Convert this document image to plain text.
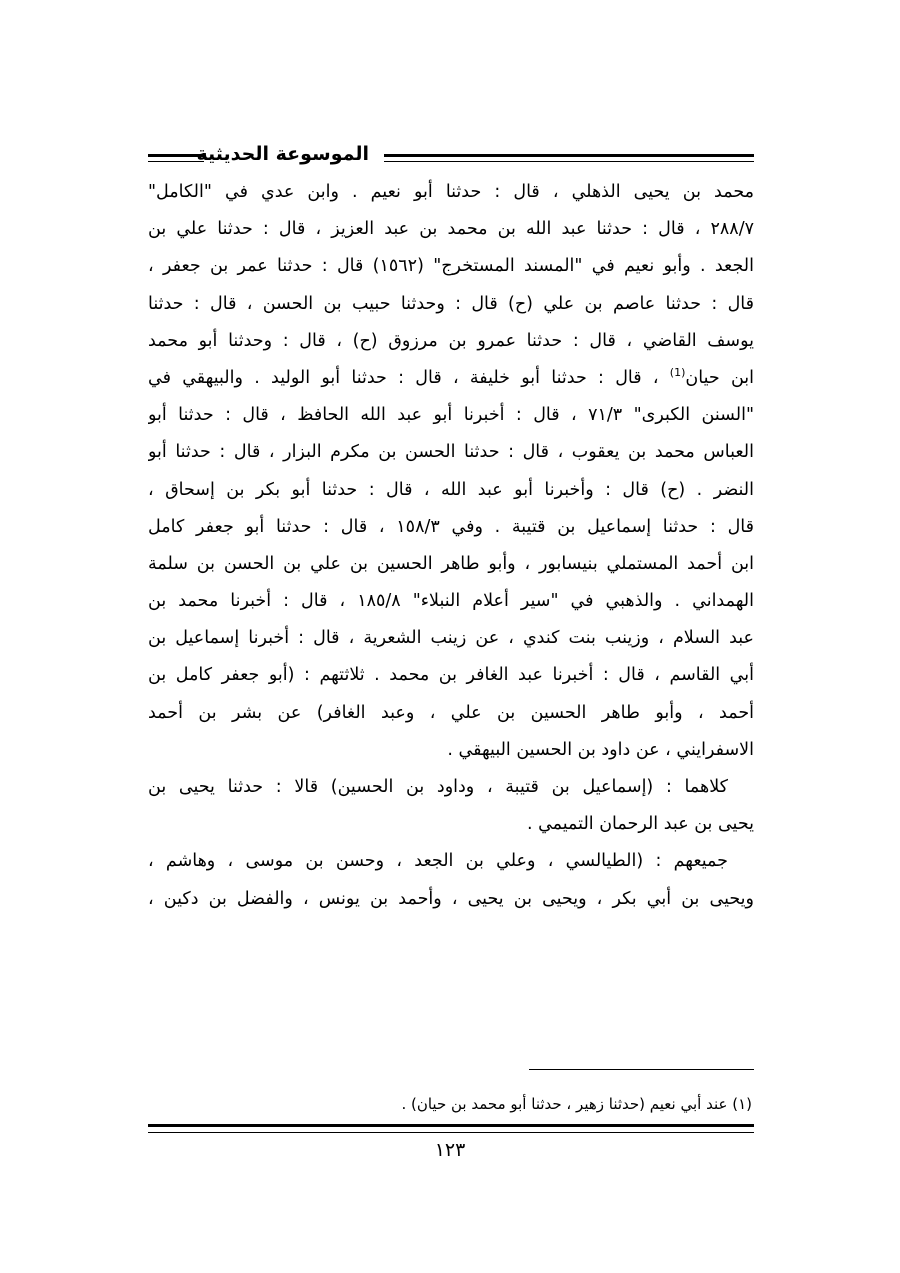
الموسوعة الحديثية
محمد بن يحيى الذهلي ، قال : حدثنا أبو نعيم . وابن عدي في "الكامل"
٢٨٨/٧ ، قال : حدثنا عبد الله بن محمد بن عبد العزيز ، قال : حدثنا علي بن
الجعد . وأبو نعيم في "المسند المستخرج" (١٥٦٢) قال : حدثنا عمر بن جعفر ،
قال : حدثنا عاصم بن علي (ح) قال : وحدثنا حبيب بن الحسن ، قال : حدثنا
يوسف القاضي ، قال : حدثنا عمرو بن مرزوق (ح) ، قال : وحدثنا أبو محمد
ابن حيان$^{(1)}$ ، قال : حدثنا أبو خليفة ، قال : حدثنا أبو الوليد . والبيهقي في
"السنن الكبرى" ٧١/٣ ، قال : أخبرنا أبو عبد الله الحافظ ، قال : حدثنا أبو
العباس محمد بن يعقوب ، قال : حدثنا الحسن بن مكرم البزار ، قال : حدثنا أبو
النضر . (ح) قال : وأخبرنا أبو عبد الله ، قال : حدثنا أبو بكر بن إسحاق ،
قال : حدثنا إسماعيل بن قتيبة . وفي ١٥٨/٣ ، قال : حدثنا أبو جعفر كامل
ابن أحمد المستملي بنيسابور ، وأبو طاهر الحسين بن علي بن الحسن بن سلمة
الهمداني . والذهبي في "سير أعلام النبلاء" ١٨٥/٨ ، قال : أخبرنا محمد بن
عبد السلام ، وزينب بنت كندي ، عن زينب الشعرية ، قال : أخبرنا إسماعيل بن
أبي القاسم ، قال : أخبرنا عبد الغافر بن محمد . ثلاثتهم : (أبو جعفر كامل بن
أحمد ، وأبو طاهر الحسين بن علي ، وعبد الغافر) عن بشر بن أحمد
الاسفرايني ، عن داود بن الحسين البيهقي .
كلاهما : (إسماعيل بن قتيبة ، وداود بن الحسين) قالا : حدثنا يحيى بن
يحيى بن عبد الرحمان التميمي .
جميعهم : (الطيالسي ، وعلي بن الجعد ، وحسن بن موسى ، وهاشم ،
ويحيى بن أبي بكر ، ويحيى بن يحيى ، وأحمد بن يونس ، والفضل بن دكين ،
(١) عند أبي نعيم (حدثنا زهير ، حدثنا أبو محمد بن حيان) .
١٢٣
